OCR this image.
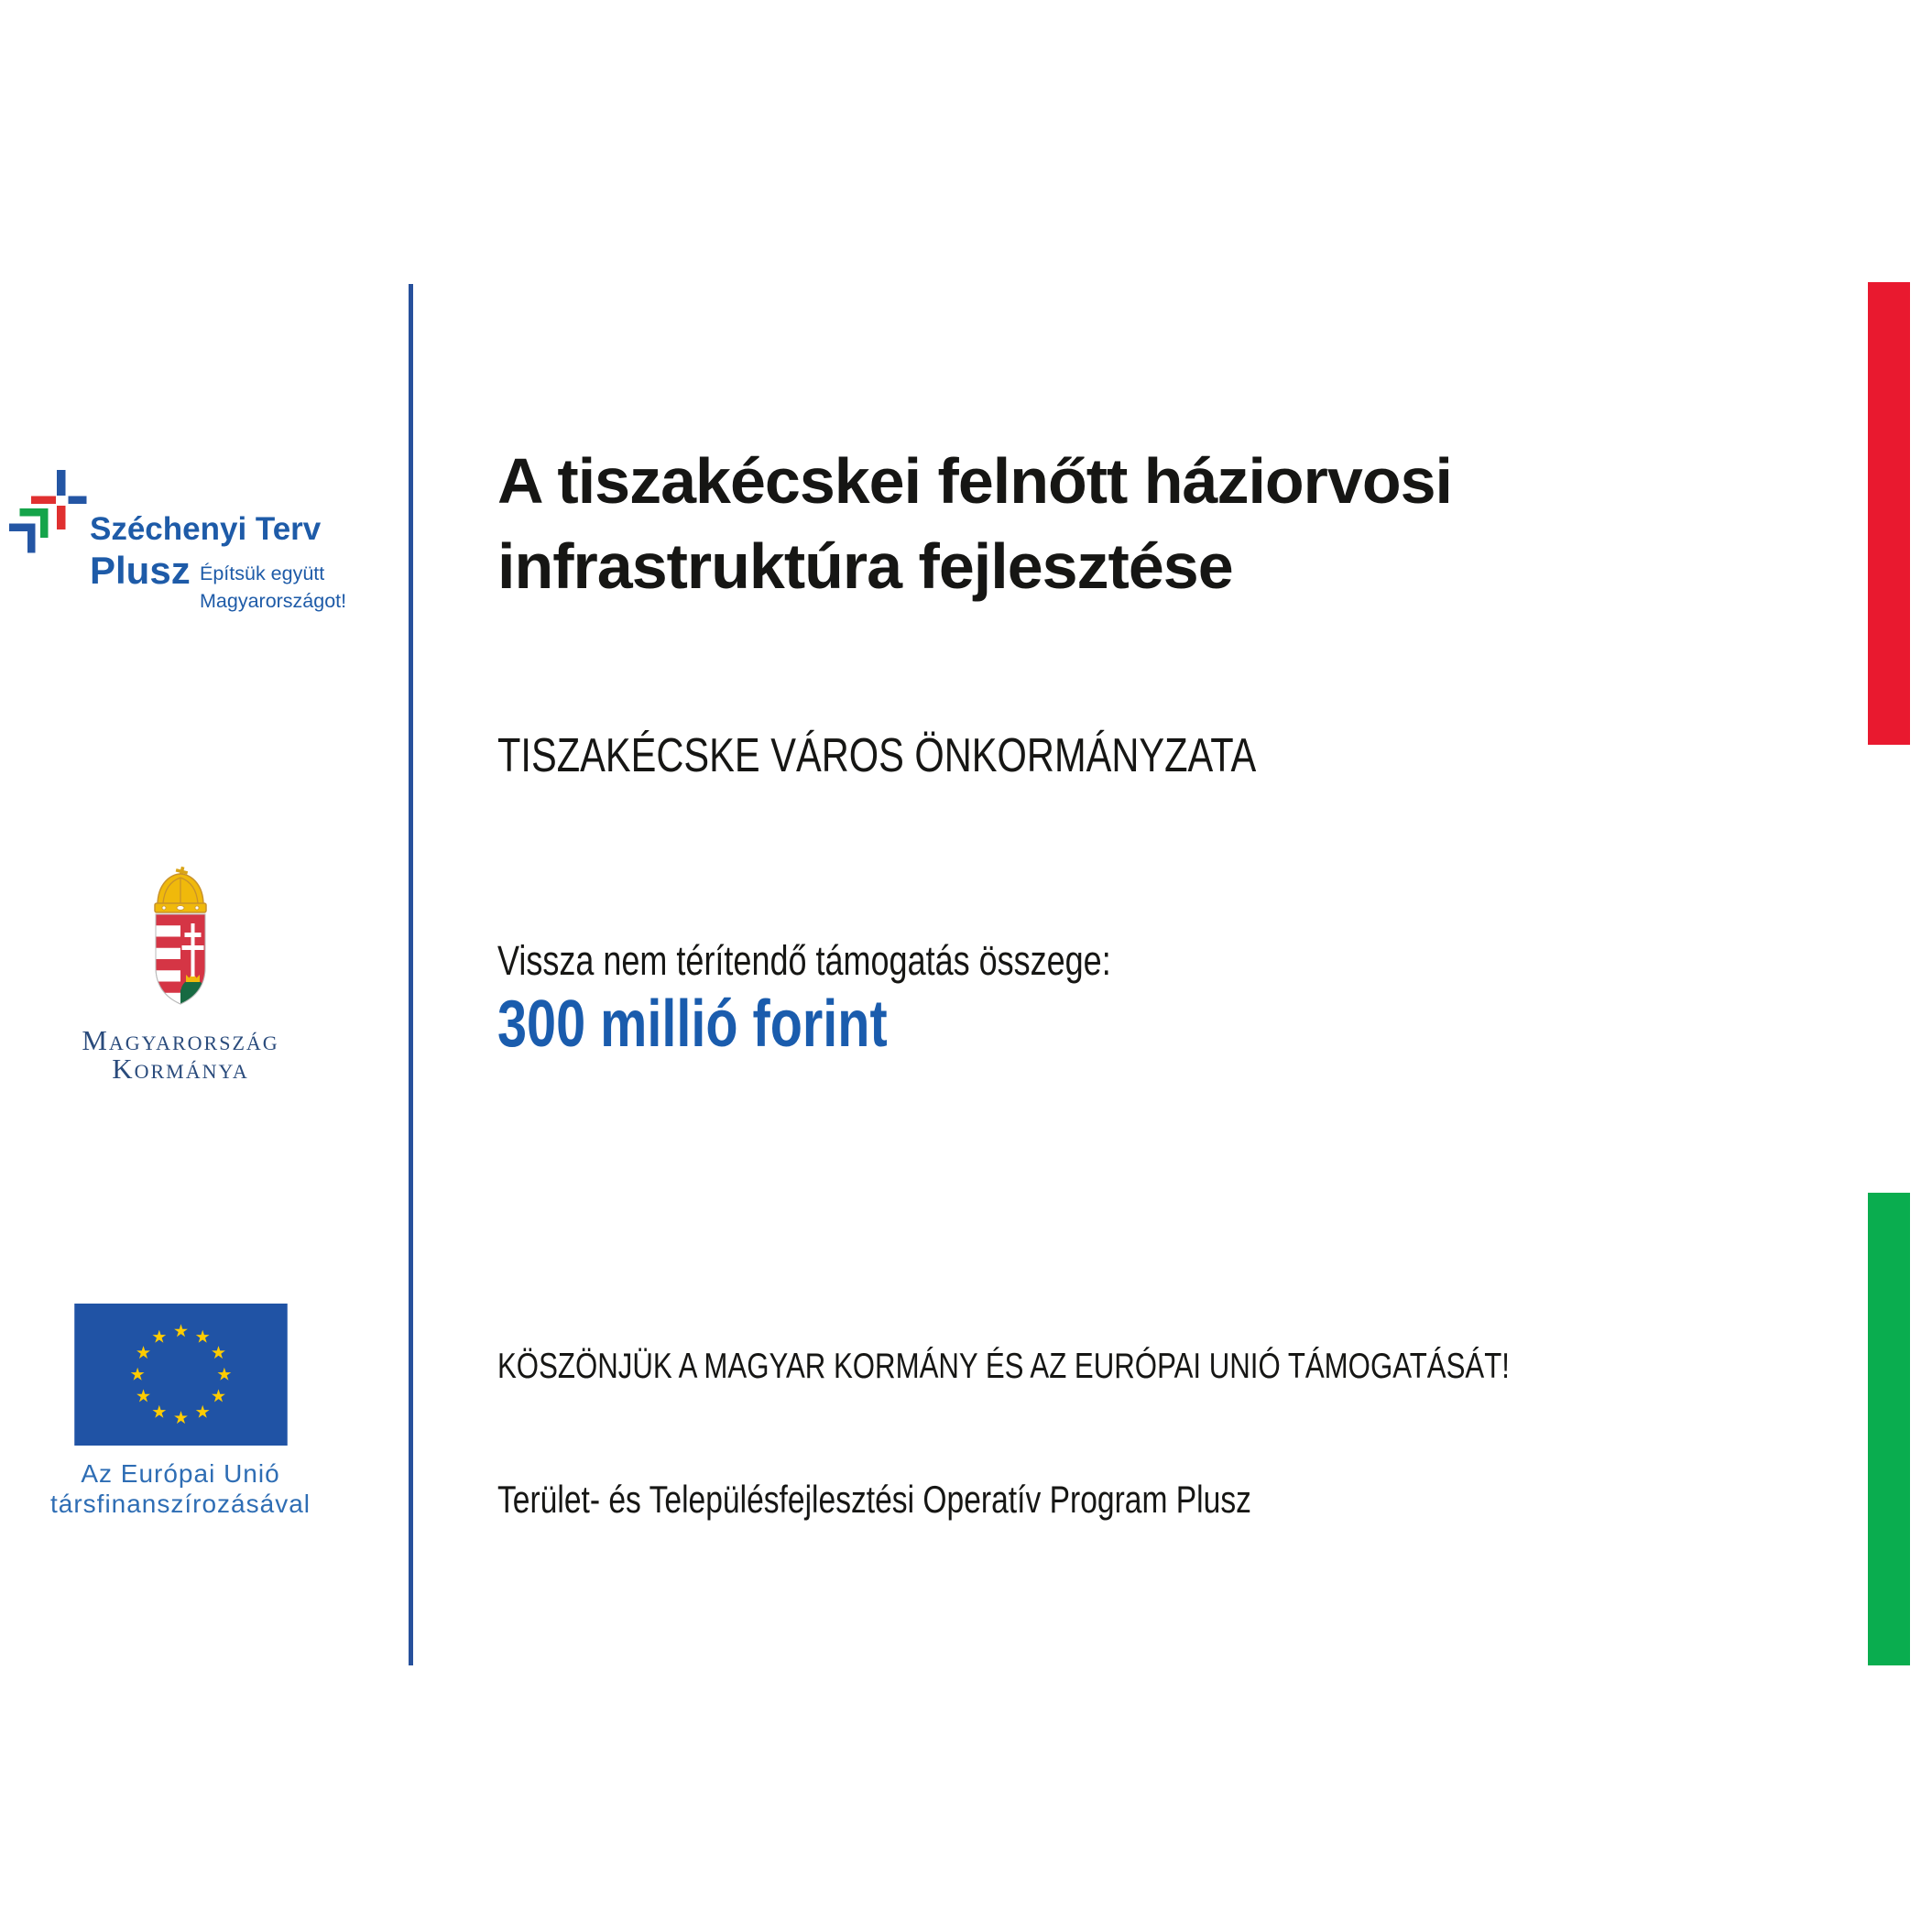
Széchenyi Terv
Plusz Építsük együtt
Magyarországot!
Magyarország
Kormánya
Az Európai Unió
társfinanszírozásával
A tiszakécskei felnőtt háziorvosi infrastruktúra fejlesztése
TISZAKÉCSKE VÁROS ÖNKORMÁNYZATA
Vissza nem térítendő támogatás összege:
300 millió forint
KÖSZÖNJÜK A MAGYAR KORMÁNY ÉS AZ EURÓPAI UNIÓ TÁMOGATÁSÁT!
Terület- és Településfejlesztési Operatív Program Plusz
